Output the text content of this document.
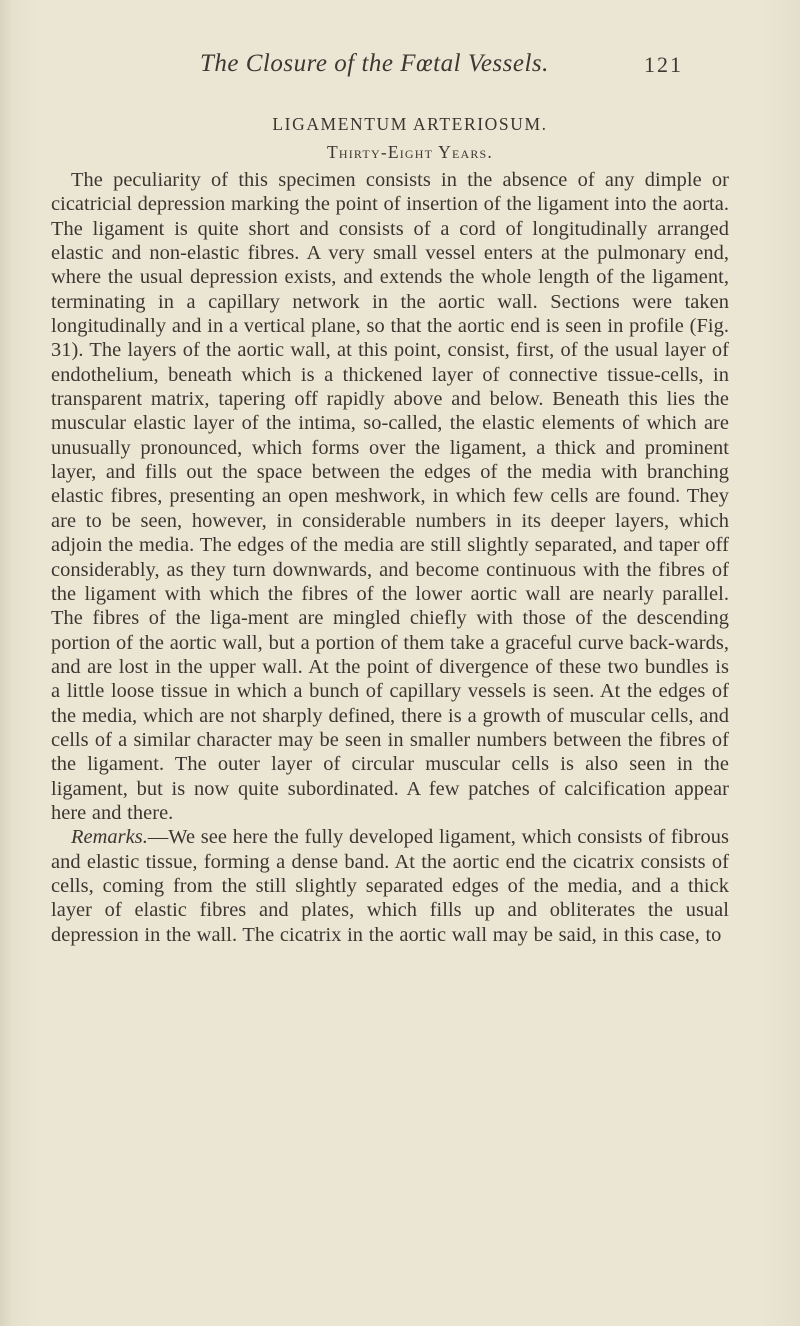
The Closure of the Fœtal Vessels.	121
LIGAMENTUM ARTERIOSUM.
Thirty-Eight Years.

The peculiarity of this specimen consists in the absence of any dimple or cicatricial depression marking the point of insertion of the ligament into the aorta. The ligament is quite short and consists of a cord of longitudinally arranged elastic and non-elastic fibres. A very small vessel enters at the pulmonary end, where the usual depression exists, and extends the whole length of the ligament, terminating in a capillary network in the aortic wall. Sections were taken longitudinally and in a vertical plane, so that the aortic end is seen in profile (Fig. 31). The layers of the aortic wall, at this point, consist, first, of the usual layer of endothelium, beneath which is a thickened layer of connective tissue-cells, in transparent matrix, tapering off rapidly above and below. Beneath this lies the muscular elastic layer of the intima, so-called, the elastic elements of which are unusually pronounced, which forms over the ligament, a thick and prominent layer, and fills out the space between the edges of the media with branching elastic fibres, presenting an open meshwork, in which few cells are found. They are to be seen, however, in considerable numbers in its deeper layers, which adjoin the media. The edges of the media are still slightly separated, and taper off considerably, as they turn downwards, and become continuous with the fibres of the ligament with which the fibres of the lower aortic wall are nearly parallel. The fibres of the liga-ment are mingled chiefly with those of the descending portion of the aortic wall, but a portion of them take a graceful curve back-wards, and are lost in the upper wall. At the point of divergence of these two bundles is a little loose tissue in which a bunch of capillary vessels is seen. At the edges of the media, which are not sharply defined, there is a growth of muscular cells, and cells of a similar character may be seen in smaller numbers between the fibres of the ligament. The outer layer of circular muscular cells is also seen in the ligament, but is now quite subordinated. A few patches of calcification appear here and there.

Remarks.—We see here the fully developed ligament, which consists of fibrous and elastic tissue, forming a dense band. At the aortic end the cicatrix consists of cells, coming from the still slightly separated edges of the media, and a thick layer of elastic fibres and plates, which fills up and obliterates the usual depression in the wall. The cicatrix in the aortic wall may be said, in this case, to
